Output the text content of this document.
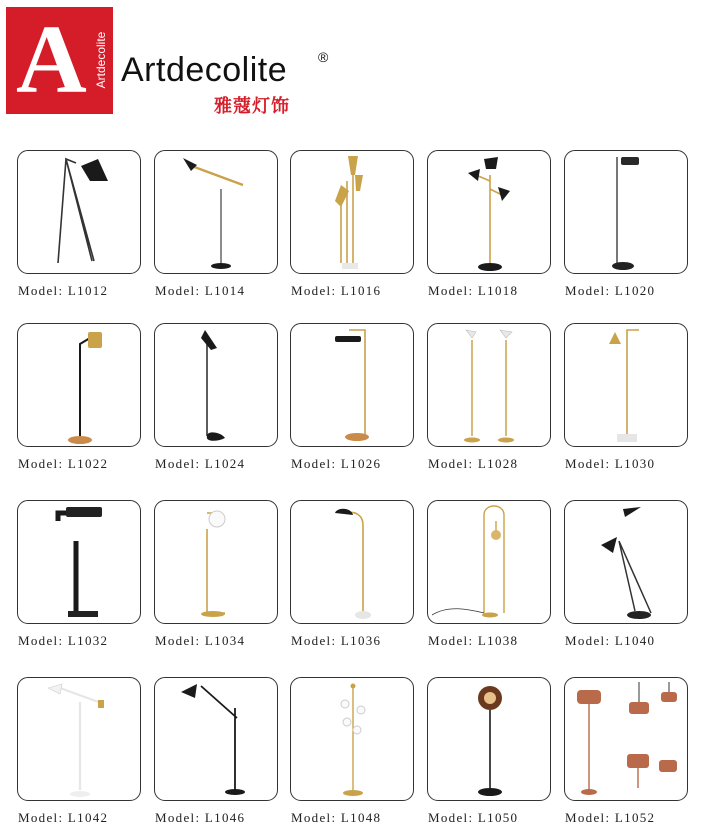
A Artdecolite Artdecolite ®
雅蔻灯饰
Model: L1012	Model: L1014	Model: L1016	Model: L1018	Model: L1020
Model: L1022	Model: L1024	Model: L1026	Model: L1028	Model: L1030
Model: L1032	Model: L1034	Model: L1036	Model: L1038	Model: L1040
Model: L1042	Model: L1046	Model: L1048	Model: L1050	Model: L1052
